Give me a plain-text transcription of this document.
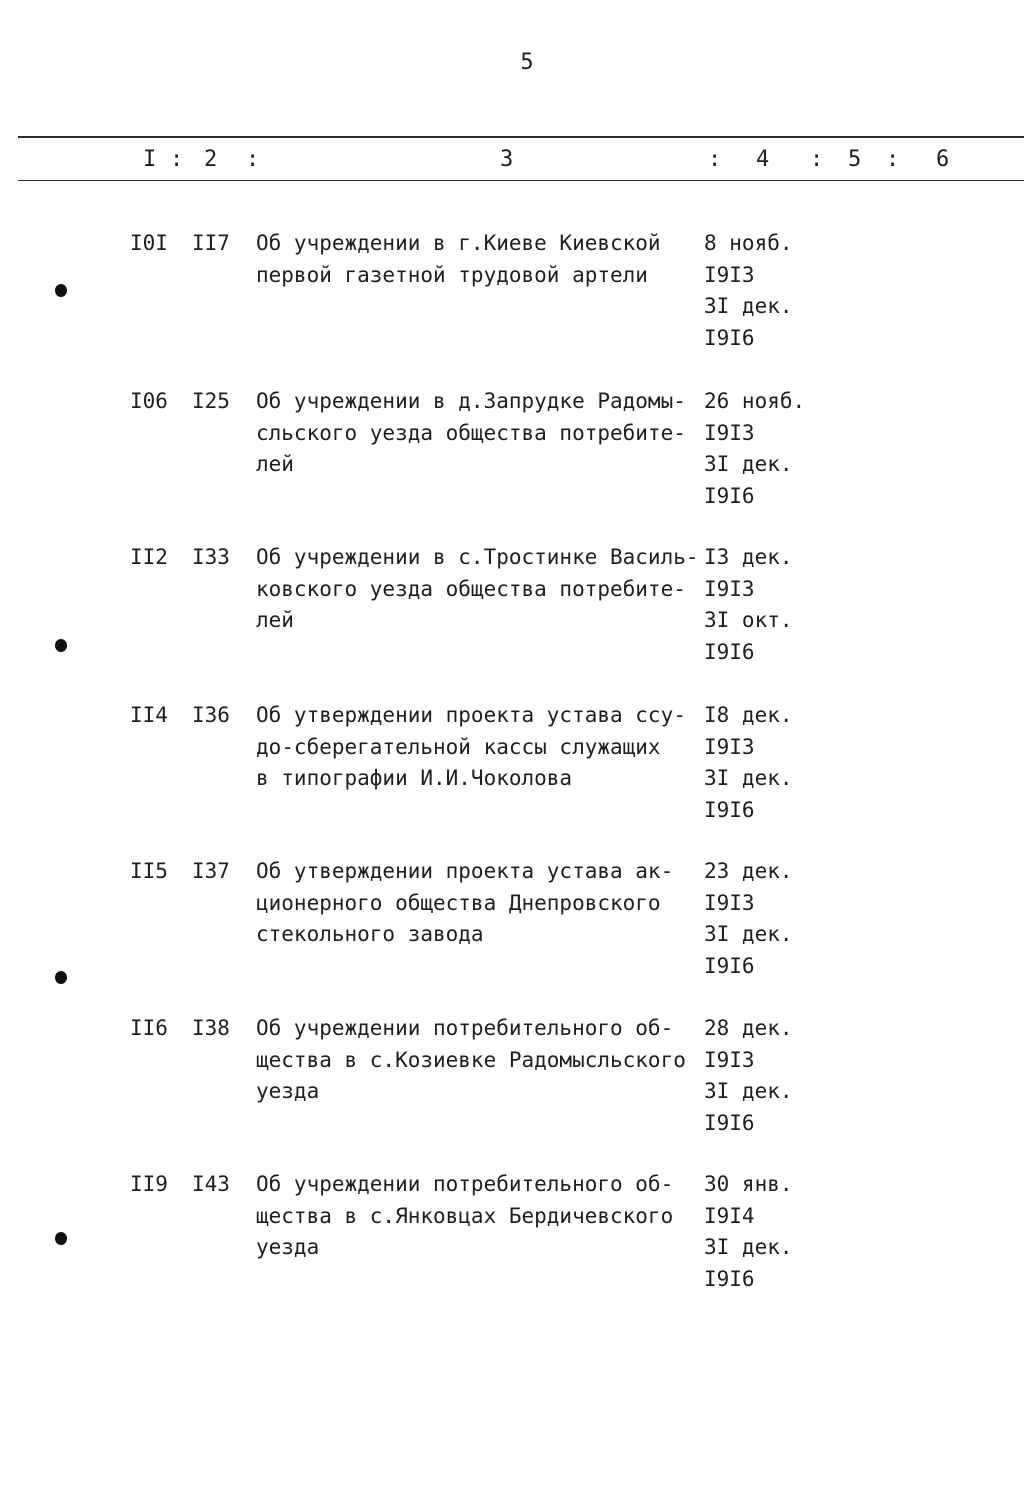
5
I : 2 :	3	: 4 : 5 : 6
I0I II7 Об учреждении в г.Киеве Киевской
первой газетной трудовой артели
8 нояб.
I9I3
3I дек.
I9I6
I06 I25 Об учреждении в д.Запрудке Радомы-
сльского уезда общества потребите-
лей
26 нояб.
I9I3
3I дек.
I9I6
II2 I33 Об учреждении в с.Тростинке Василь-
ковского уезда общества потребите-
лей
I3 дек.
I9I3
3I окт.
I9I6
II4 I36 Об утверждении проекта устава ссу-
до-сберегательной кассы служащих
в типографии И.И.Чоколова
I8 дек.
I9I3
3I дек.
I9I6
II5 I37 Об утверждении проекта устава ак-
ционерного общества Днепровского
стекольного завода
23 дек.
I9I3
3I дек.
I9I6
II6 I38 Об учреждении потребительного об-
щества в с.Козиевке Радомысльского
уезда
28 дек.
I9I3
3I дек.
I9I6
II9 I43 Об учреждении потребительного об-
щества в с.Янковцах Бердичевского
уезда
30 янв.
I9I4
3I дек.
I9I6
